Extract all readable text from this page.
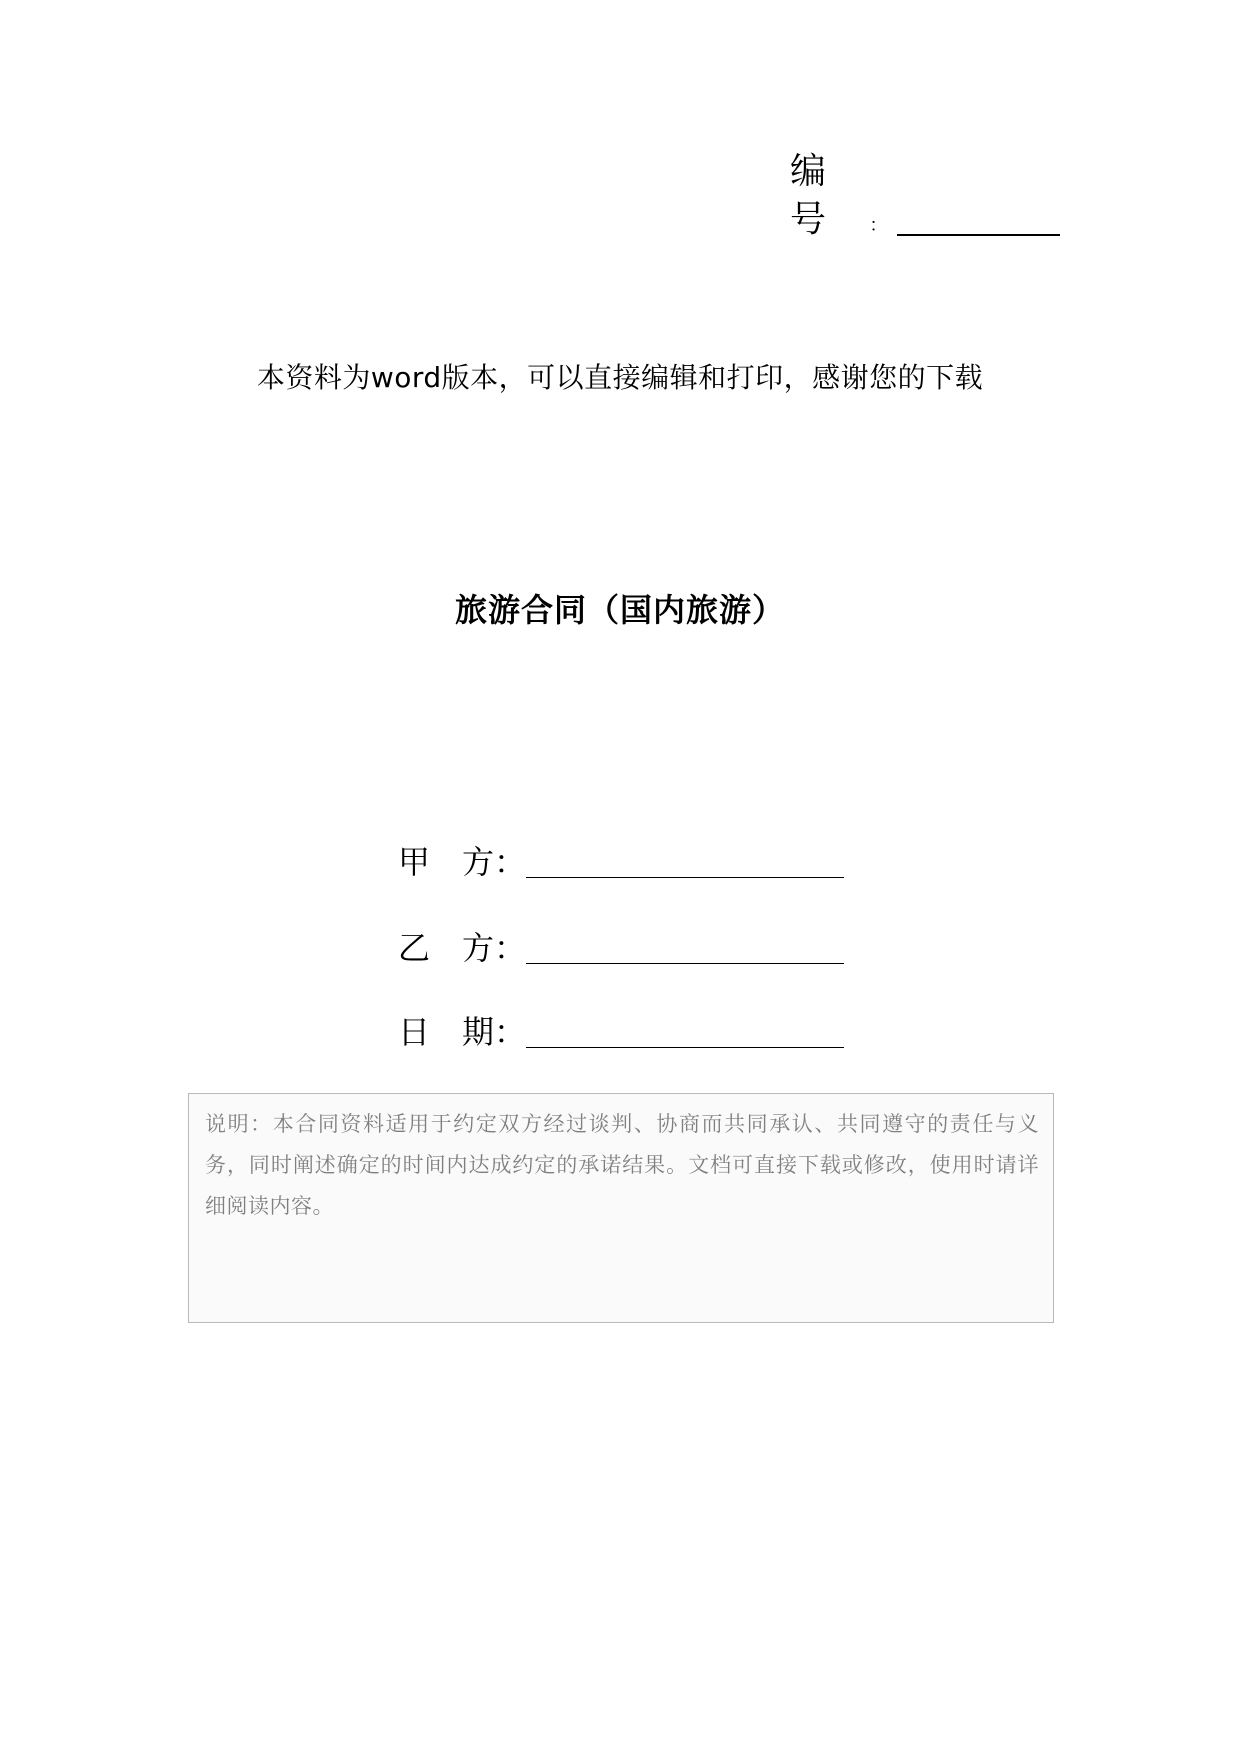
编号	：
本资料为word版本，可以直接编辑和打印，感谢您的下载
旅游合同（国内旅游）
甲 方 ：
乙 方 ：
日 期 ：

说明：本合同资料适用于约定双方经过谈判、协商而共同承认、共同遵守的责任与义务，同时阐述确定的时间内达成约定的承诺结果。文档可直接下载或修改，使用时请详细阅读内容。
